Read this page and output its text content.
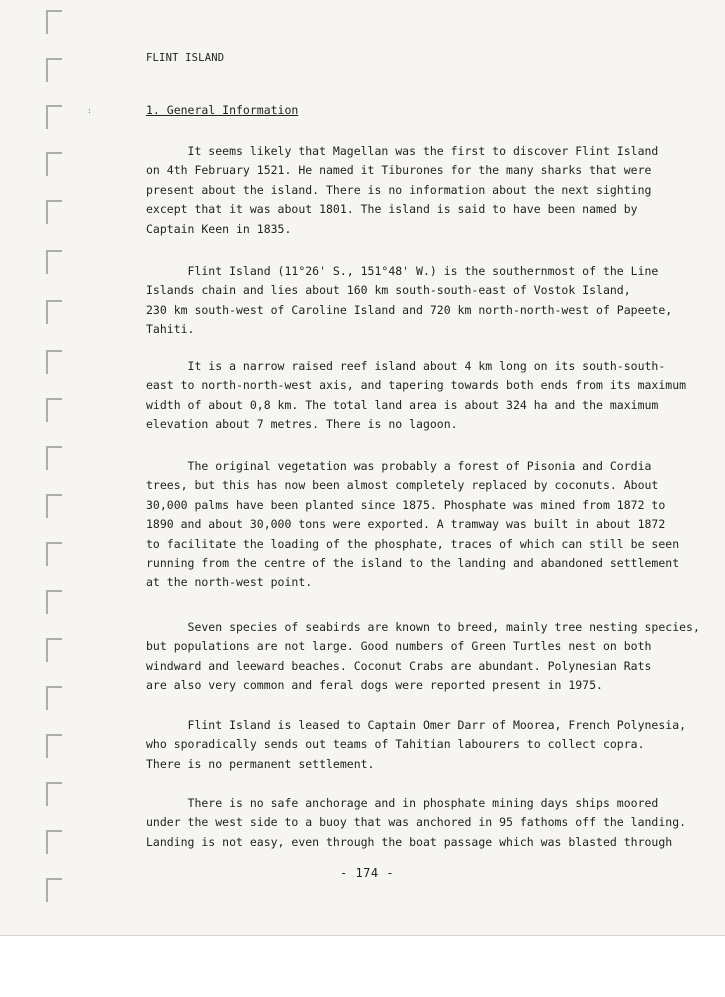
:
FLINT ISLAND
1. General Information
It seems likely that Magellan was the first to discover Flint Island
on 4th February 1521. He named it Tiburones for the many sharks that were
present about the island. There is no information about the next sighting
except that it was about 1801. The island is said to have been named by
Captain Keen in 1835.
Flint Island (11°26' S., 151°48' W.) is the southernmost of the Line
Islands chain and lies about 160 km south-south-east of Vostok Island,
230 km south-west of Caroline Island and 720 km north-north-west of Papeete,
Tahiti.
It is a narrow raised reef island about 4 km long on its south-south-
east to north-north-west axis, and tapering towards both ends from its maximum
width of about 0,8 km. The total land area is about 324 ha and the maximum
elevation about 7 metres. There is no lagoon.
The original vegetation was probably a forest of Pisonia and Cordia
trees, but this has now been almost completely replaced by coconuts. About
30,000 palms have been planted since 1875. Phosphate was mined from 1872 to
1890 and about 30,000 tons were exported. A tramway was built in about 1872
to facilitate the loading of the phosphate, traces of which can still be seen
running from the centre of the island to the landing and abandoned settlement
at the north-west point.
Seven species of seabirds are known to breed, mainly tree nesting species,
but populations are not large. Good numbers of Green Turtles nest on both
windward and leeward beaches. Coconut Crabs are abundant. Polynesian Rats
are also very common and feral dogs were reported present in 1975.
Flint Island is leased to Captain Omer Darr of Moorea, French Polynesia,
who sporadically sends out teams of Tahitian labourers to collect copra.
There is no permanent settlement.
There is no safe anchorage and in phosphate mining days ships moored
under the west side to a buoy that was anchored in 95 fathoms off the landing.
Landing is not easy, even through the boat passage which was blasted through
- 174 -
